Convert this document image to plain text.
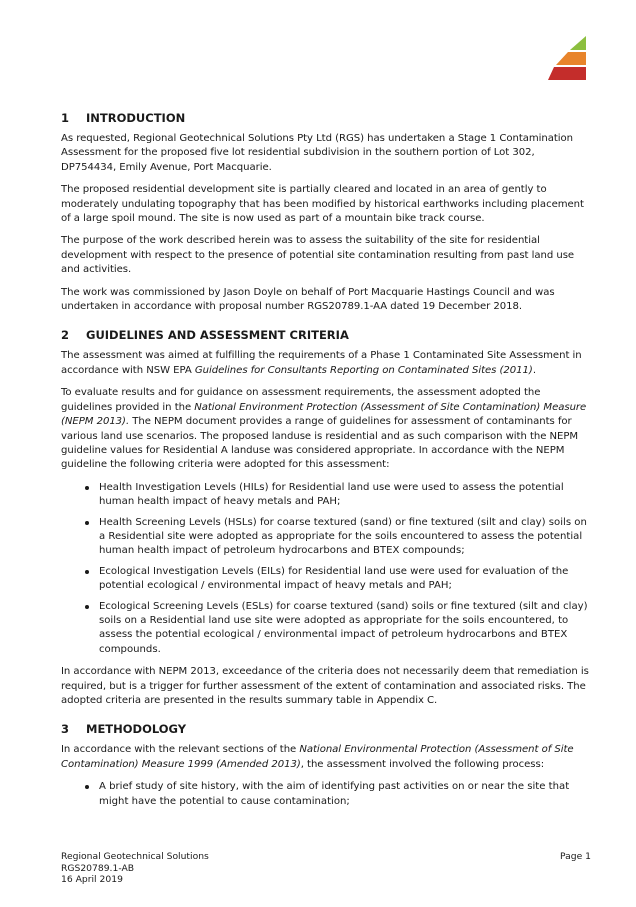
1	INTRODUCTION

As requested, Regional Geotechnical Solutions Pty Ltd (RGS) has undertaken a Stage 1 Contamination Assessment for the proposed five lot residential subdivision in the southern portion of Lot 302, DP754434, Emily Avenue, Port Macquarie.

The proposed residential development site is partially cleared and located in an area of gently to moderately undulating topography that has been modified by historical earthworks including placement of a large spoil mound. The site is now used as part of a mountain bike track course.

The purpose of the work described herein was to assess the suitability of the site for residential development with respect to the presence of potential site contamination resulting from past land use and activities.

The work was commissioned by Jason Doyle on behalf of Port Macquarie Hastings Council and was undertaken in accordance with proposal number RGS20789.1-AA dated 19 December 2018.

2	GUIDELINES AND ASSESSMENT CRITERIA

The assessment was aimed at fulfilling the requirements of a Phase 1 Contaminated Site Assessment in accordance with NSW EPA Guidelines for Consultants Reporting on Contaminated Sites (2011).

To evaluate results and for guidance on assessment requirements, the assessment adopted the guidelines provided in the National Environment Protection (Assessment of Site Contamination) Measure (NEPM 2013). The NEPM document provides a range of guidelines for assessment of contaminants for various land use scenarios. The proposed landuse is residential and as such comparison with the NEPM guideline values for Residential A landuse was considered appropriate. In accordance with the NEPM guideline the following criteria were adopted for this assessment:

Health Investigation Levels (HILs) for Residential land use were used to assess the potential human health impact of heavy metals and PAH;
Health Screening Levels (HSLs) for coarse textured (sand) or fine textured (silt and clay) soils on a Residential site were adopted as appropriate for the soils encountered to assess the potential human health impact of petroleum hydrocarbons and BTEX compounds;
Ecological Investigation Levels (EILs) for Residential land use were used for evaluation of the potential ecological / environmental impact of heavy metals and PAH;
Ecological Screening Levels (ESLs) for coarse textured (sand) soils or fine textured (silt and clay) soils on a Residential land use site were adopted as appropriate for the soils encountered, to assess the potential ecological / environmental impact of petroleum hydrocarbons and BTEX compounds.

In accordance with NEPM 2013, exceedance of the criteria does not necessarily deem that remediation is required, but is a trigger for further assessment of the extent of contamination and associated risks. The adopted criteria are presented in the results summary table in Appendix C.

3	METHODOLOGY

In accordance with the relevant sections of the National Environmental Protection (Assessment of Site Contamination) Measure 1999 (Amended 2013), the assessment involved the following process:

A brief study of site history, with the aim of identifying past activities on or near the site that might have the potential to cause contamination;
Regional Geotechnical Solutions
RGS20789.1-AB
16 April 2019
Page 1
